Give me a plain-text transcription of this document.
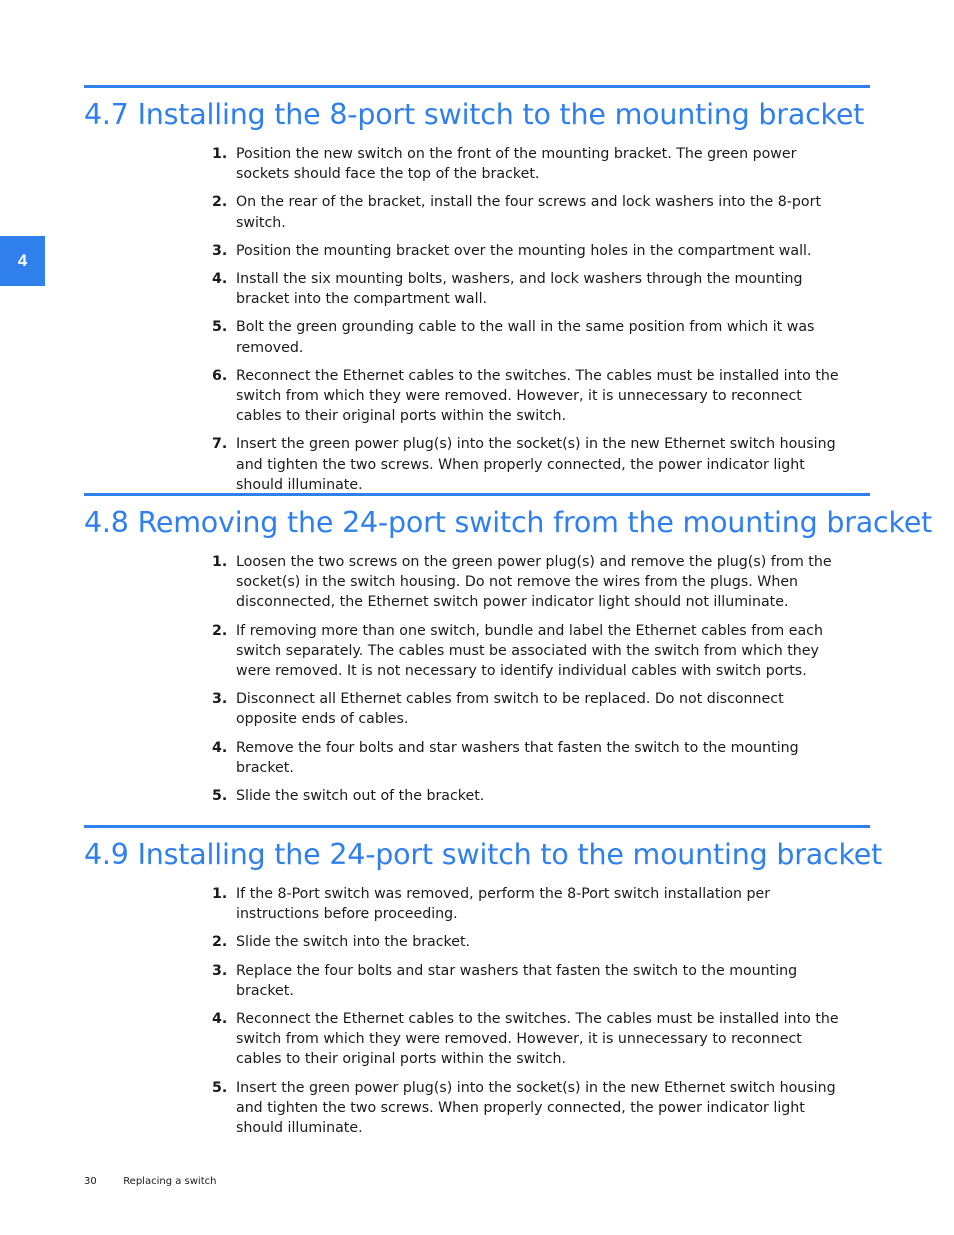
4
4.7 Installing the 8-port switch to the mounting bracket
1. Position the new switch on the front of the mounting bracket. The green power sockets should face the top of the bracket.
2. On the rear of the bracket, install the four screws and lock washers into the 8-port switch.
3. Position the mounting bracket over the mounting holes in the compartment wall.
4. Install the six mounting bolts, washers, and lock washers through the mounting bracket into the compartment wall.
5. Bolt the green grounding cable to the wall in the same position from which it was removed.
6. Reconnect the Ethernet cables to the switches. The cables must be installed into the switch from which they were removed. However, it is unnecessary to reconnect cables to their original ports within the switch.
7. Insert the green power plug(s) into the socket(s) in the new Ethernet switch housing and tighten the two screws. When properly connected, the power indicator light should illuminate.
4.8 Removing the 24-port switch from the mounting bracket
1. Loosen the two screws on the green power plug(s) and remove the plug(s) from the socket(s) in the switch housing. Do not remove the wires from the plugs. When disconnected, the Ethernet switch power indicator light should not illuminate.
2. If removing more than one switch, bundle and label the Ethernet cables from each switch separately. The cables must be associated with the switch from which they were removed. It is not necessary to identify individual cables with switch ports.
3. Disconnect all Ethernet cables from switch to be replaced. Do not disconnect opposite ends of cables.
4. Remove the four bolts and star washers that fasten the switch to the mounting bracket.
5. Slide the switch out of the bracket.
4.9 Installing the 24-port switch to the mounting bracket
1. If the 8-Port switch was removed, perform the 8-Port switch installation per instructions before proceeding.
2. Slide the switch into the bracket.
3. Replace the four bolts and star washers that fasten the switch to the mounting bracket.
4. Reconnect the Ethernet cables to the switches. The cables must be installed into the switch from which they were removed. However, it is unnecessary to reconnect cables to their original ports within the switch.
5. Insert the green power plug(s) into the socket(s) in the new Ethernet switch housing and tighten the two screws. When properly connected, the power indicator light should illuminate.
30	Replacing a switch
